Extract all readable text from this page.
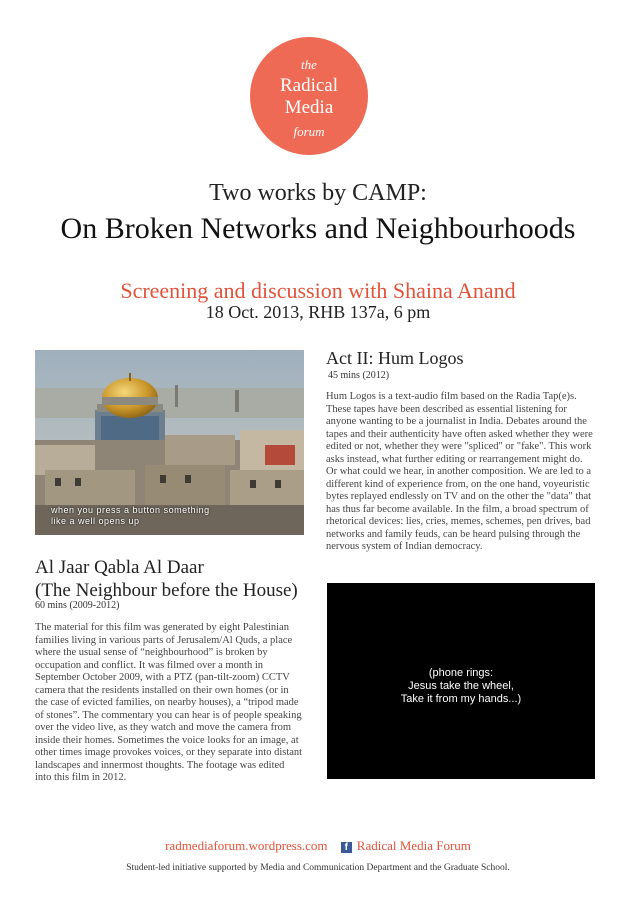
the
Radical
Media
forum
Two works by CAMP:
On Broken Networks and Neighbourhoods
Screening and discussion with Shaina Anand
18 Oct. 2013, RHB 137a, 6 pm
when you press a button something
like a well opens up
Al Jaar Qabla Al Daar
(The Neighbour before the House)
60 mins (2009-2012)

The material for this film was generated by eight Palestinian families living in various parts of Jerusalem/Al Quds, a place where the usual sense of “neighbourhood” is broken by occupation and conflict. It was filmed over a month in September October 2009, with a PTZ (pan-tilt-zoom) CCTV camera that the residents installed on their own homes (or in the case of evicted families, on nearby houses), a “tripod made of stones”. The commentary you can hear is of people speaking over the video live, as they watch and move the camera from inside their homes. Sometimes the voice looks for an image, at other times image provokes voices, or they separate into distant landscapes and innermost thoughts. The footage was edited into this film in 2012.

Act II: Hum Logos
45 mins (2012)

Hum Logos is a text-audio film based on the Radia Tap(e)s. These tapes have been described as essential listening for anyone wanting to be a journalist in India. Debates around the tapes and their authenticity have often asked whether they were edited or not, whether they were "spliced" or "fake". This work asks instead, what further editing or rearrangement might do. Or what could we hear, in another composition. We are led to a different kind of experience from, on the one hand, voyeuristic bytes replayed endlessly on TV and on the other the "data" that has thus far become available. In the film, a broad spectrum of rhetorical devices: lies, cries, memes, schemes, pen drives, bad networks and family feuds, can be heard pulsing through the nervous system of Indian democracy.

(phone rings:
Jesus take the wheel,
Take it from my hands...)
radmediaforum.wordpress.com f Radical Media Forum
Student-led initiative supported by Media and Communication Department and the Graduate School.
